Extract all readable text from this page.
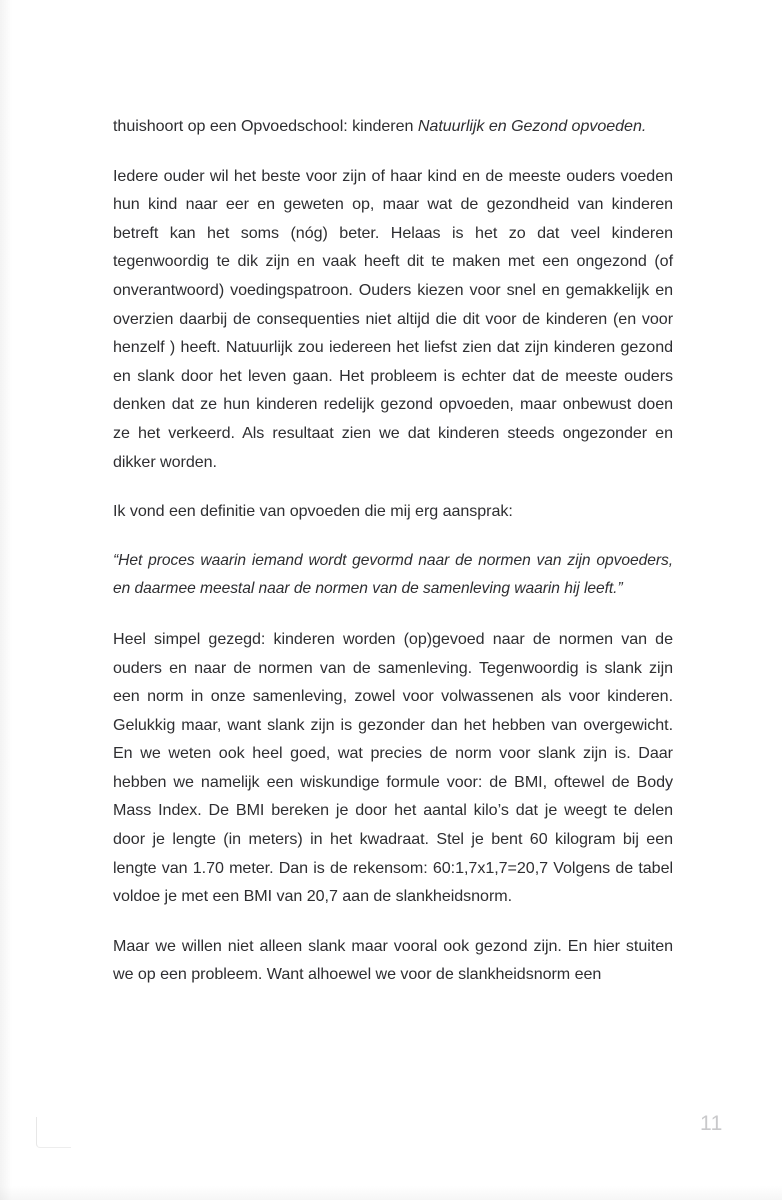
thuishoort op een Opvoedschool: kinderen Natuurlijk en Gezond opvoeden.

Iedere ouder wil het beste voor zijn of haar kind en de meeste ouders voeden hun kind naar eer en geweten op, maar wat de gezondheid van kinderen betreft kan het soms (nóg) beter. Helaas is het zo dat veel kinderen tegenwoordig te dik zijn en vaak heeft dit te maken met een ongezond (of onverantwoord) voedingspatroon. Ouders kiezen voor snel en gemakkelijk en overzien daarbij de consequenties niet altijd die dit voor de kinderen (en voor henzelf ) heeft. Natuurlijk zou iedereen het liefst zien dat zijn kinderen gezond en slank door het leven gaan. Het probleem is echter dat de meeste ouders denken dat ze hun kinderen redelijk gezond opvoeden, maar onbewust doen ze het verkeerd. Als resultaat zien we dat kinderen steeds ongezonder en dikker worden.

Ik vond een definitie van opvoeden die mij erg aansprak:

“Het proces waarin iemand wordt gevormd naar de normen van zijn opvoeders, en daarmee meestal naar de normen van de samenleving waarin hij leeft.”

Heel simpel gezegd: kinderen worden (op)gevoed naar de normen van de ouders en naar de normen van de samenleving. Tegenwoordig is slank zijn een norm in onze samenleving, zowel voor volwassenen als voor kinderen. Gelukkig maar, want slank zijn is gezonder dan het hebben van overgewicht. En we weten ook heel goed, wat precies de norm voor slank zijn is. Daar hebben we namelijk een wiskundige formule voor: de BMI, oftewel de Body Mass Index. De BMI bereken je door het aantal kilo’s dat je weegt te delen door je lengte (in meters) in het kwadraat. Stel je bent 60 kilogram bij een lengte van 1.70 meter. Dan is de rekensom: 60:1,7x1,7=20,7 Volgens de tabel voldoe je met een BMI van 20,7 aan de slankheidsnorm.

Maar we willen niet alleen slank maar vooral ook gezond zijn. En hier stuiten we op een probleem. Want alhoewel we voor de slankheidsnorm een

11
